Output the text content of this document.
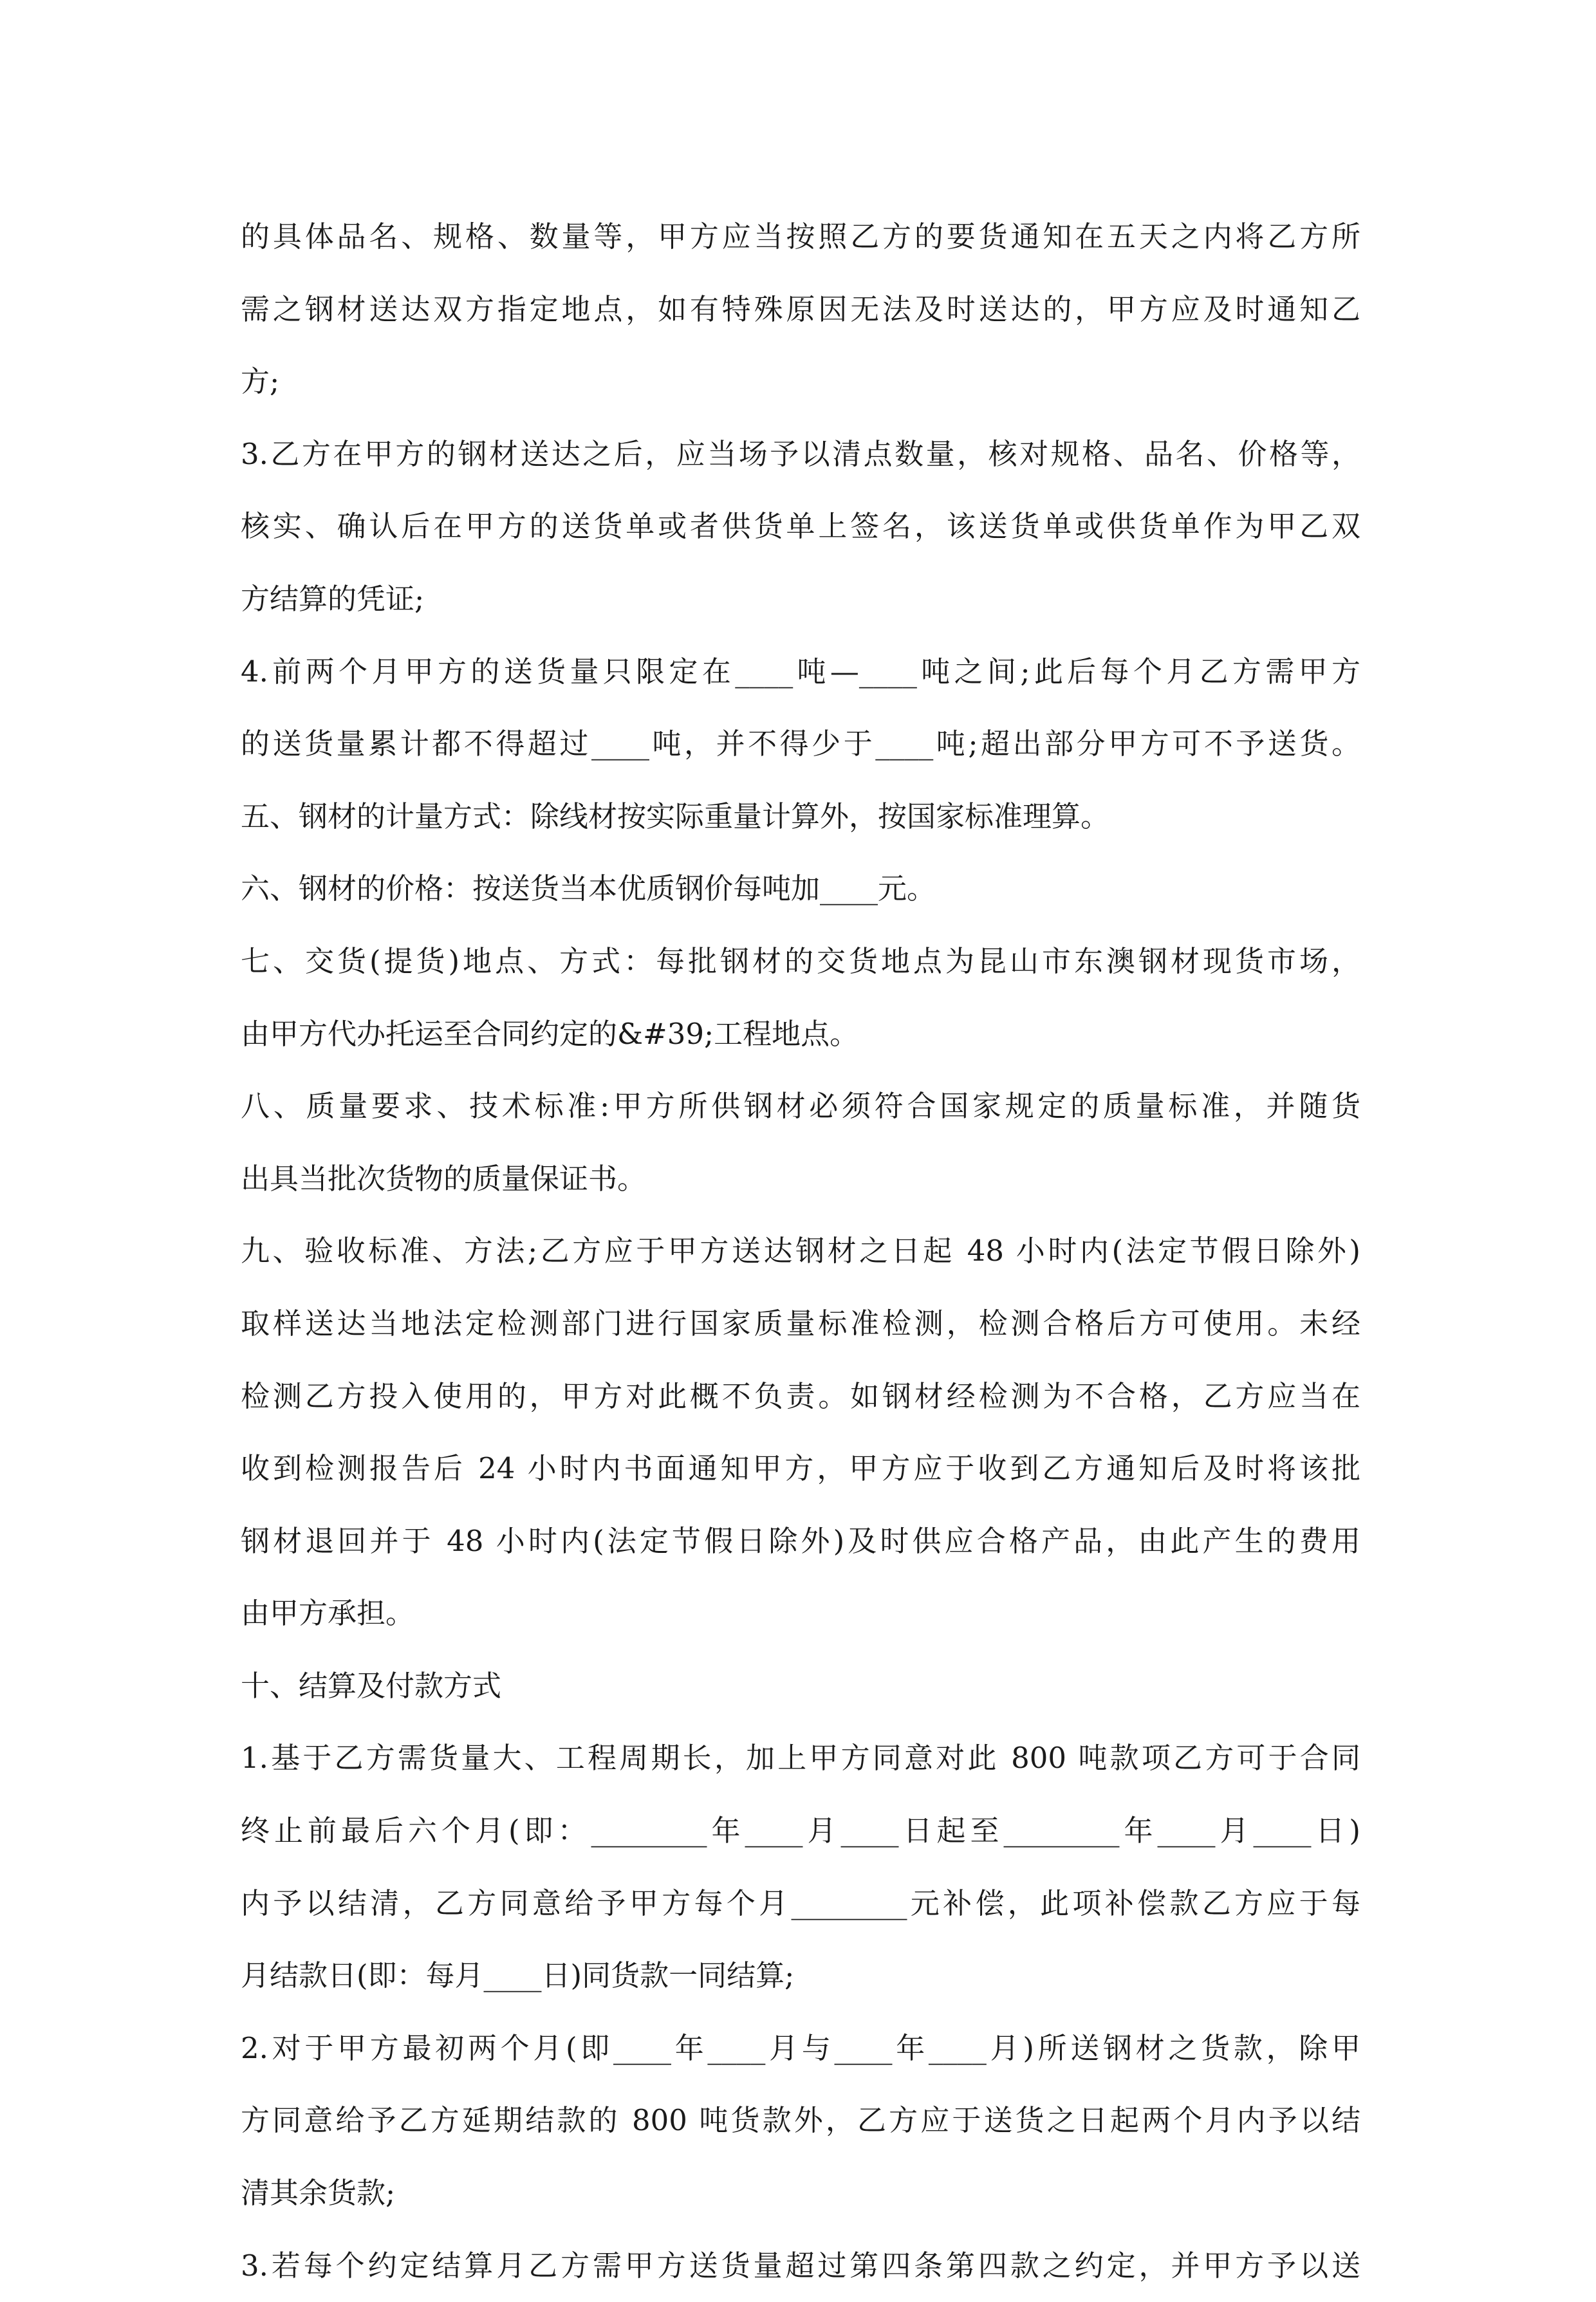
的具体品名、规格、数量等，甲方应当按照乙方的要货通知在五天之内将乙方所
需之钢材送达双方指定地点，如有特殊原因无法及时送达的，甲方应及时通知乙
方;
3.乙方在甲方的钢材送达之后，应当场予以清点数量，核对规格、品名、价格等，
核实、确认后在甲方的送货单或者供货单上签名，该送货单或供货单作为甲乙双
方结算的凭证;
4.前两个月甲方的送货量只限定在____吨—____吨之间;此后每个月乙方需甲方
的送货量累计都不得超过____吨，并不得少于____吨;超出部分甲方可不予送货。
五、钢材的计量方式：除线材按实际重量计算外，按国家标准理算。
六、钢材的价格：按送货当本优质钢价每吨加____元。
七、交货(提货)地点、方式：每批钢材的交货地点为昆山市东澳钢材现货市场，
由甲方代办托运至合同约定的&#39;工程地点。
八、质量要求、技术标准:甲方所供钢材必须符合国家规定的质量标准，并随货
出具当批次货物的质量保证书。
九、验收标准、方法;乙方应于甲方送达钢材之日起 48 小时内(法定节假日除外)
取样送达当地法定检测部门进行国家质量标准检测，检测合格后方可使用。未经
检测乙方投入使用的，甲方对此概不负责。如钢材经检测为不合格，乙方应当在
收到检测报告后 24 小时内书面通知甲方，甲方应于收到乙方通知后及时将该批
钢材退回并于 48 小时内(法定节假日除外)及时供应合格产品，由此产生的费用
由甲方承担。
十、结算及付款方式
1.基于乙方需货量大、工程周期长，加上甲方同意对此 800 吨款项乙方可于合同
终止前最后六个月(即：________年____月____日起至________年____月____日)
内予以结清，乙方同意给予甲方每个月________元补偿，此项补偿款乙方应于每
月结款日(即：每月____日)同货款一同结算;
2.对于甲方最初两个月(即____年____月与____年____月)所送钢材之货款，除甲
方同意给予乙方延期结款的 800 吨货款外，乙方应于送货之日起两个月内予以结
清其余货款;
3.若每个约定结算月乙方需甲方送货量超过第四条第四款之约定，并甲方予以送
